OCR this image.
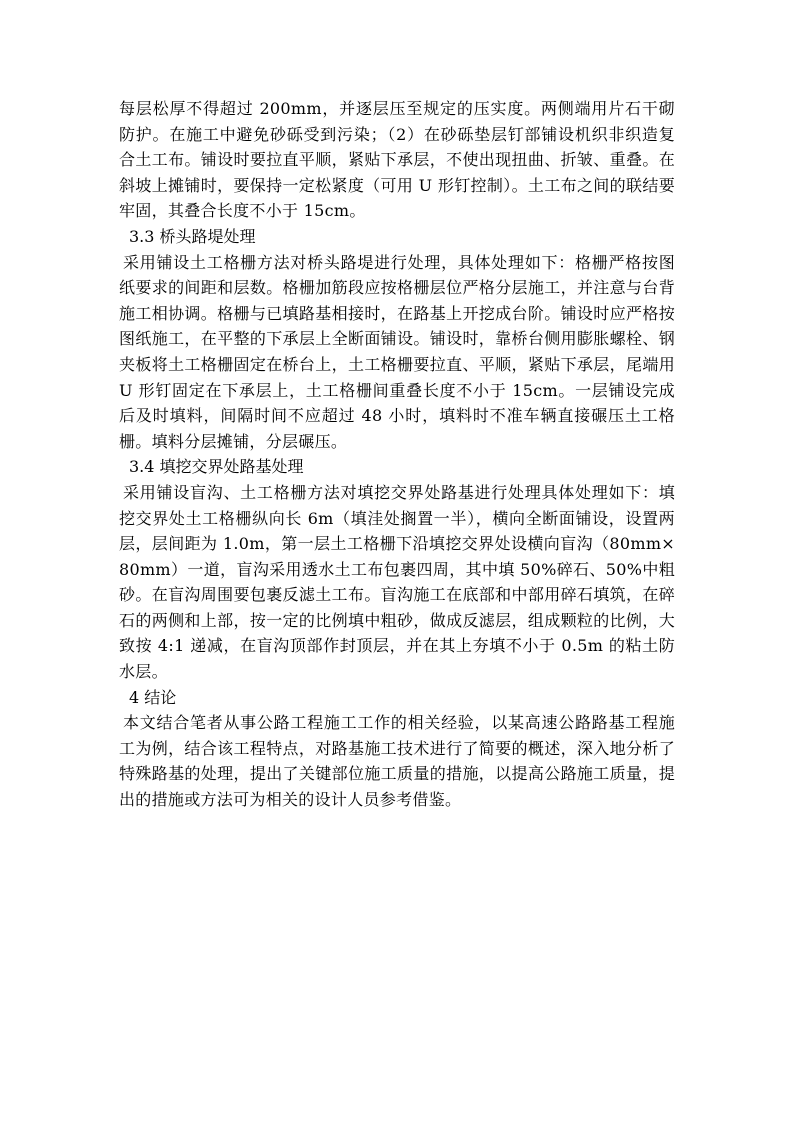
每层松厚不得超过 200mm，并逐层压至规定的压实度。两侧端用片石干砌防护。在施工中避免砂砾受到污染；（2）在砂砾垫层钉部铺设机织非织造复合土工布。铺设时要拉直平顺，紧贴下承层，不使出现扭曲、折皱、重叠。在斜坡上摊铺时，要保持一定松紧度（可用 U 形钉控制）。土工布之间的联结要牢固，其叠合长度不小于 15cm。

3.3 桥头路堤处理

采用铺设土工格栅方法对桥头路堤进行处理，具体处理如下：格栅严格按图纸要求的间距和层数。格栅加筋段应按格栅层位严格分层施工，并注意与台背施工相协调。格栅与已填路基相接时，在路基上开挖成台阶。铺设时应严格按图纸施工，在平整的下承层上全断面铺设。铺设时，靠桥台侧用膨胀螺栓、钢夹板将土工格栅固定在桥台上，土工格栅要拉直、平顺，紧贴下承层，尾端用 U 形钉固定在下承层上，土工格栅间重叠长度不小于 15cm。一层铺设完成后及时填料，间隔时间不应超过 48 小时，填料时不准车辆直接碾压土工格栅。填料分层摊铺，分层碾压。

3.4 填挖交界处路基处理

采用铺设盲沟、土工格栅方法对填挖交界处路基进行处理具体处理如下：填挖交界处土工格栅纵向长 6m（填洼处搁置一半），横向全断面铺设，设置两层，层间距为 1.0m，第一层土工格栅下沿填挖交界处设横向盲沟（80mm×80mm）一道，盲沟采用透水土工布包裹四周，其中填 50%碎石、50%中粗砂。在盲沟周围要包裹反滤土工布。盲沟施工在底部和中部用碎石填筑，在碎石的两侧和上部，按一定的比例填中粗砂，做成反滤层，组成颗粒的比例，大致按 4:1 递减，在盲沟顶部作封顶层，并在其上夯填不小于 0.5m 的粘土防水层。

4 结论

本文结合笔者从事公路工程施工工作的相关经验，以某高速公路路基工程施工为例，结合该工程特点，对路基施工技术进行了简要的概述，深入地分析了特殊路基的处理，提出了关键部位施工质量的措施，以提高公路施工质量，提出的措施或方法可为相关的设计人员参考借鉴。
